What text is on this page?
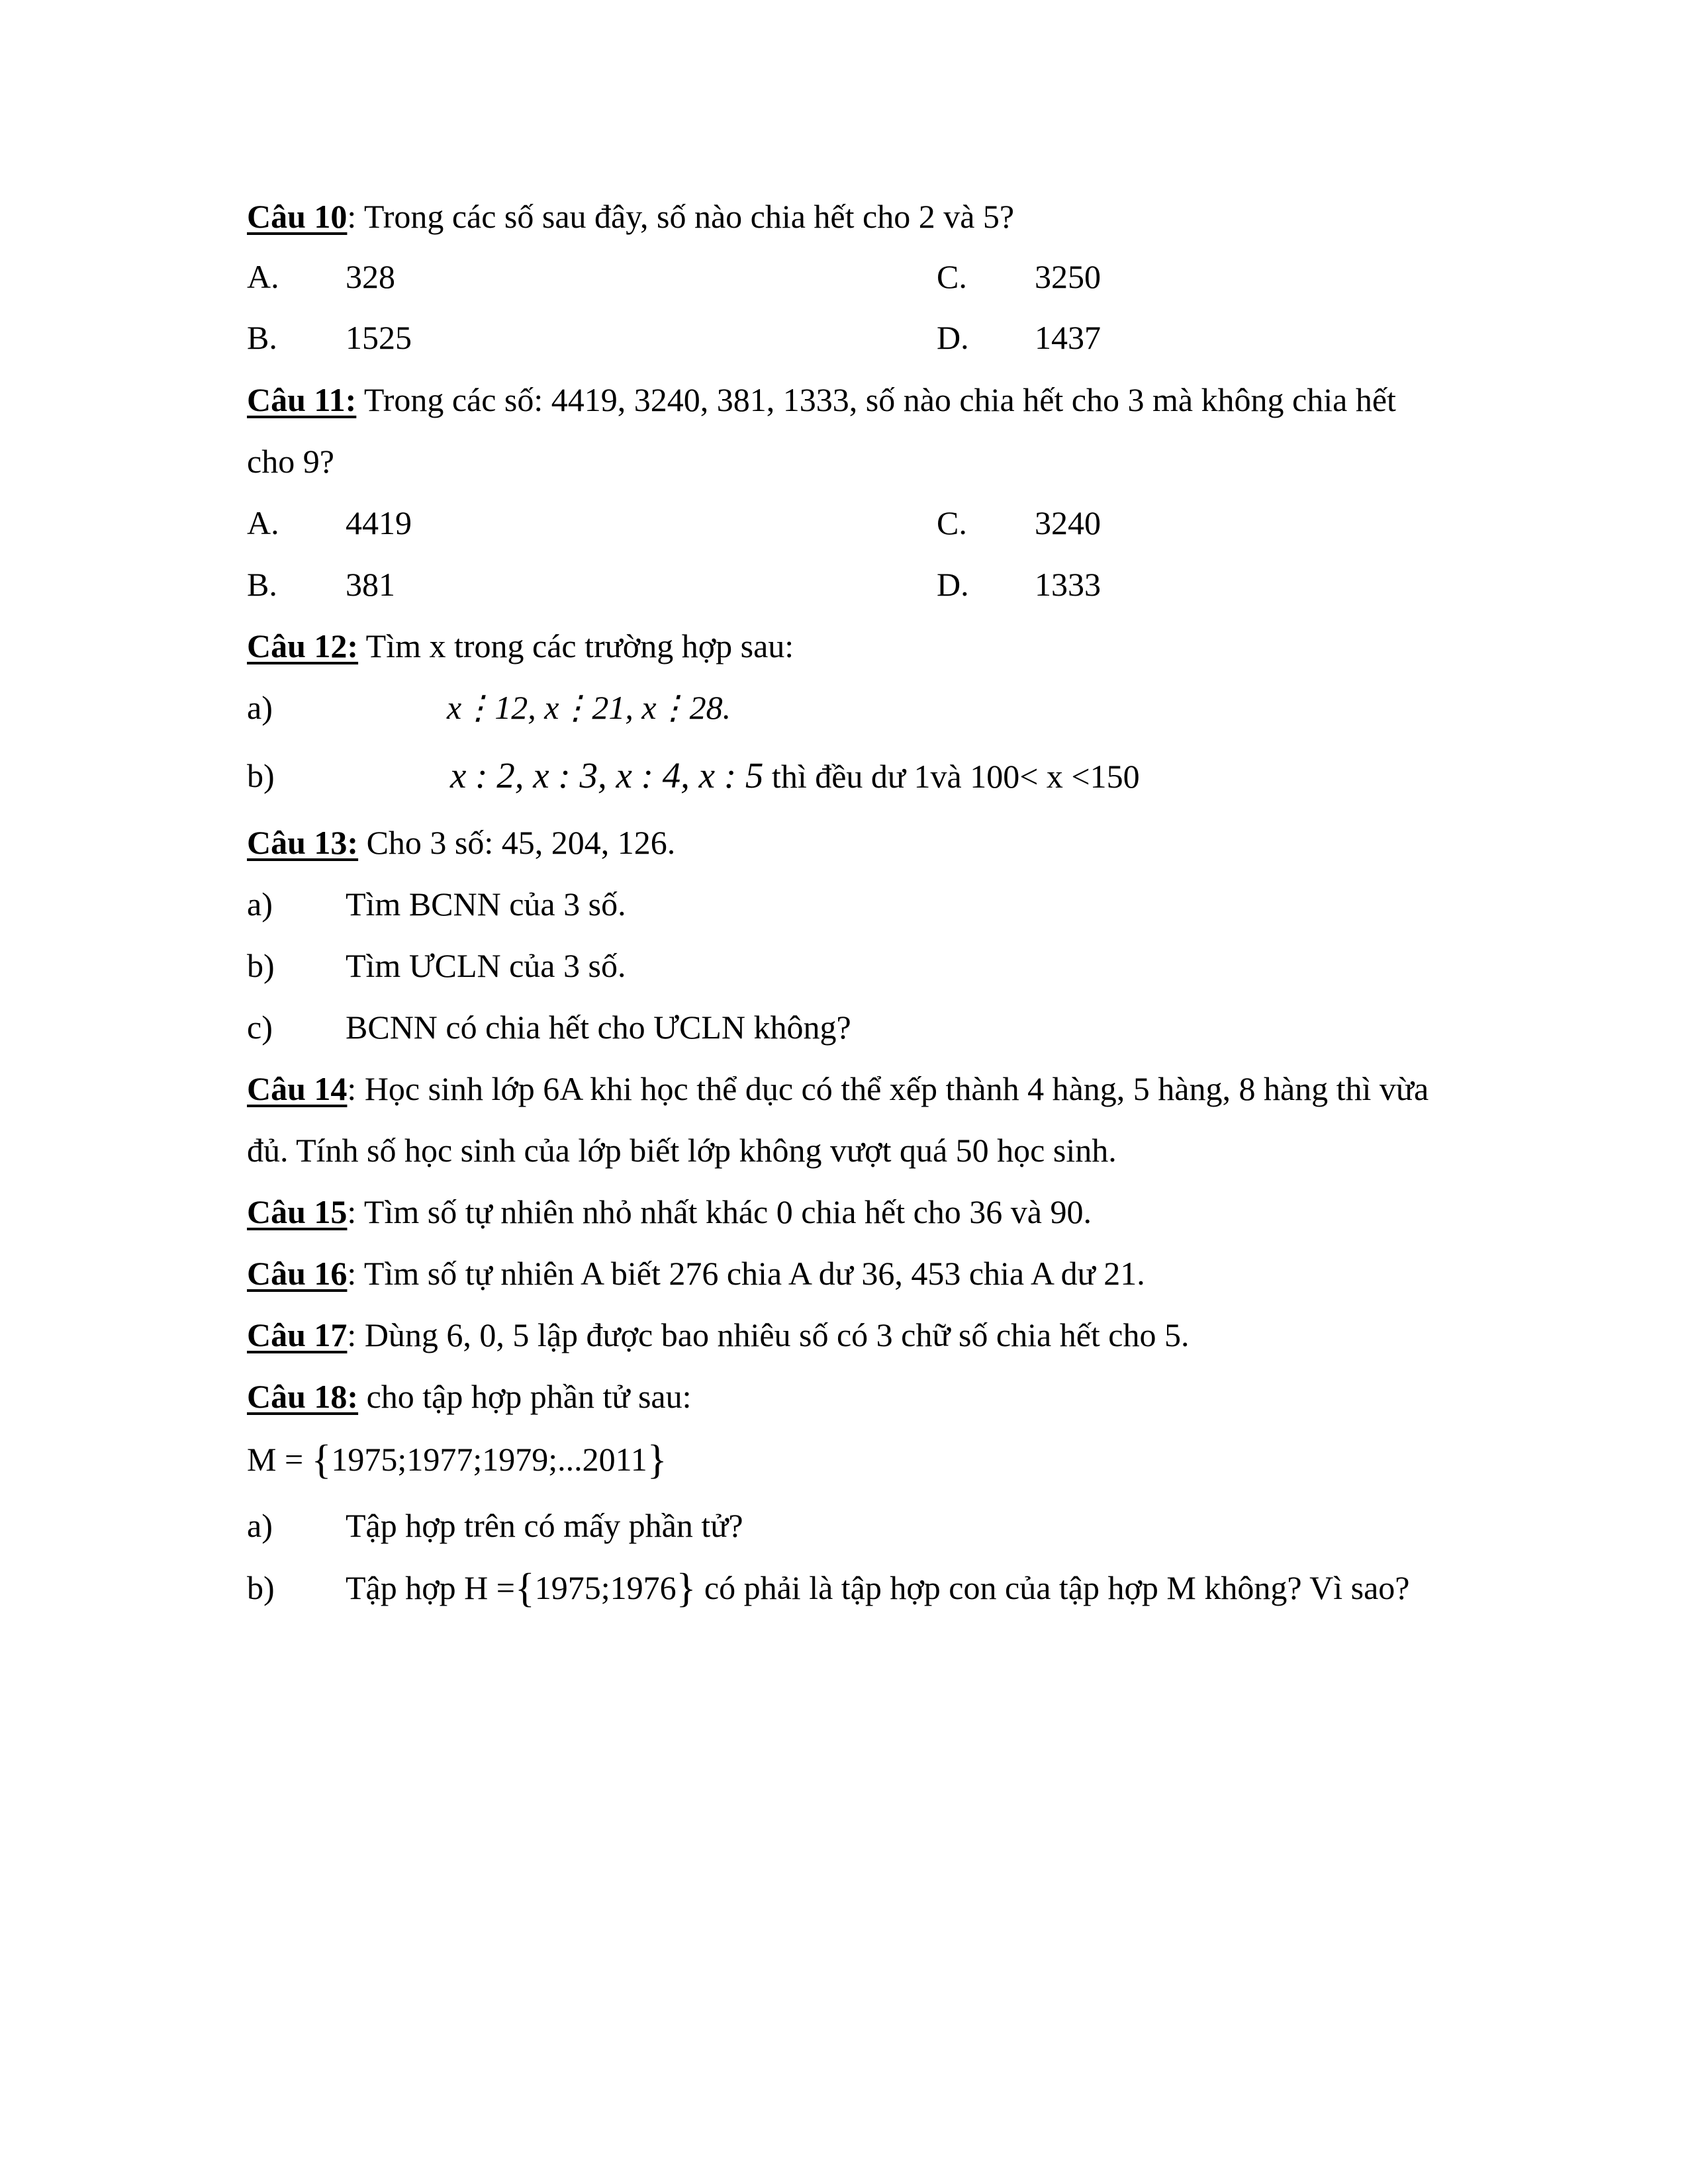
Câu 10: Trong các số sau đây, số nào chia hết cho 2 và 5?
A. 328	C. 3250
B. 1525	D. 1437
Câu 11: Trong các số: 4419, 3240, 381, 1333, số nào chia hết cho 3 mà không chia hết
cho 9?
A. 4419	C. 3240
B. 381	D. 1333
Câu 12: Tìm x trong các trường hợp sau:
a)	x⋮12, x⋮21, x⋮28.
b)	x : 2, x : 3, x : 4, x : 5 thì đều dư 1và 100< x <150
Câu 13: Cho 3 số: 45, 204, 126.
a) Tìm BCNN của 3 số.
b) Tìm ƯCLN của 3 số.
c) BCNN có chia hết cho ƯCLN không?
Câu 14: Học sinh lớp 6A khi học thể dục có thể xếp thành 4 hàng, 5 hàng, 8 hàng thì vừa
đủ. Tính số học sinh của lớp biết lớp không vượt quá 50 học sinh.
Câu 15: Tìm số tự nhiên nhỏ nhất khác 0 chia hết cho 36 và 90.
Câu 16: Tìm số tự nhiên A biết 276 chia A dư 36, 453 chia A dư 21.
Câu 17: Dùng 6, 0, 5 lập được bao nhiêu số có 3 chữ số chia hết cho 5.
Câu 18: cho tập hợp phần tử sau:
M = {1975;1977;1979;...2011}
a) Tập hợp trên có mấy phần tử?
b) Tập hợp H ={1975;1976} có phải là tập hợp con của tập hợp M không? Vì sao?
